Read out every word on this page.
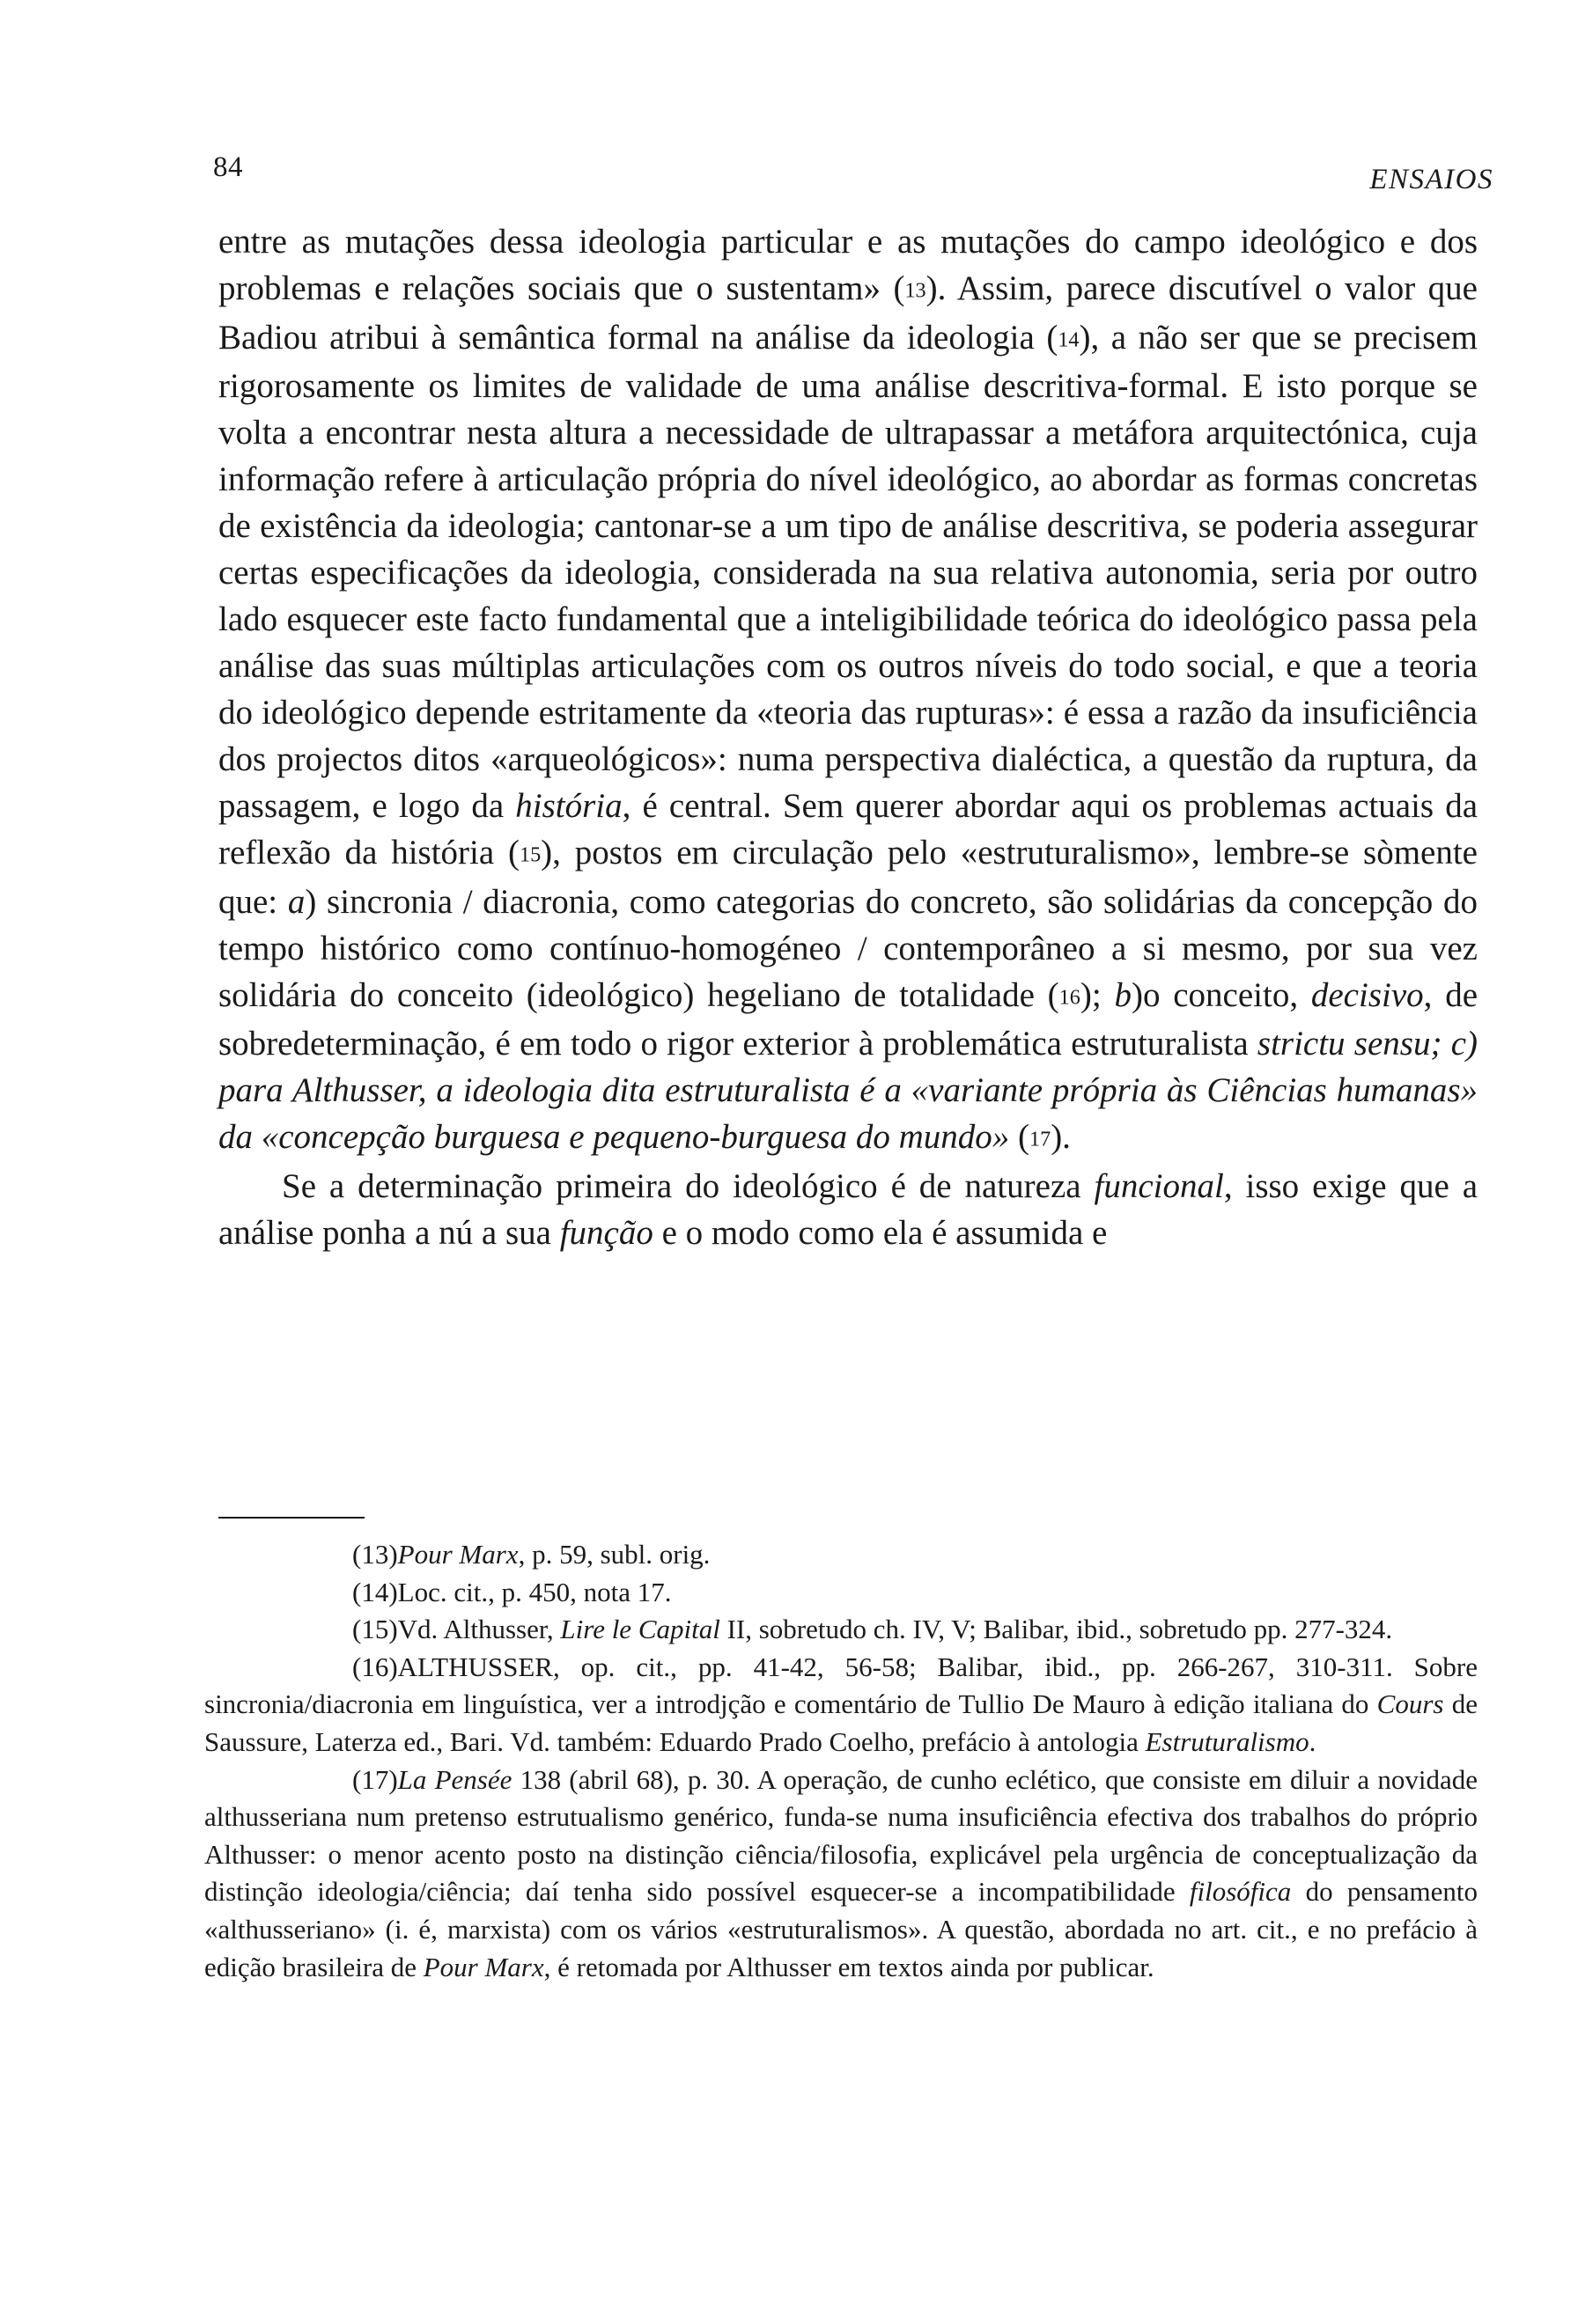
84	ENSAIOS

entre as mutações dessa ideologia particular e as mutações do campo ideológico e dos problemas e relações sociais que o sustentam» (13). Assim, parece discutível o valor que Badiou atribui à semântica formal na análise da ideologia (14), a não ser que se precisem rigorosamente os limites de validade de uma análise descritiva-formal. E isto porque se volta a encontrar nesta altura a necessidade de ultrapassar a metáfora arquitectónica, cuja informação refere à articulação própria do nível ideológico, ao abordar as formas concretas de existência da ideologia; cantonar-se a um tipo de análise descritiva, se poderia assegurar certas especificações da ideologia, considerada na sua relativa autonomia, seria por outro lado esquecer este facto fundamental que a inteligibilidade teórica do ideológico passa pela análise das suas múltiplas articulações com os outros níveis do todo social, e que a teoria do ideológico depende estritamente da «teoria das rupturas»: é essa a razão da insuficiência dos projectos ditos «arqueológicos»: numa perspectiva dialéctica, a questão da ruptura, da passagem, e logo da história, é central. Sem querer abordar aqui os problemas actuais da reflexão da história (15), postos em circulação pelo «estruturalismo», lembre-se sòmente que: a) sincronia / diacronia, como categorias do concreto, são solidárias da concepção do tempo histórico como contínuo-homogéneo / contemporâneo a si mesmo, por sua vez solidária do conceito (ideológico) hegeliano de totalidade (16); b)o conceito, decisivo, de sobredeterminação, é em todo o rigor exterior à problemática estruturalista strictu sensu; c) para Althusser, a ideologia dita estruturalista é a «variante própria às Ciências humanas» da «concepção burguesa e pequeno-burguesa do mundo» (17).

Se a determinação primeira do ideológico é de natureza funcional, isso exige que a análise ponha a nú a sua função e o modo como ela é assumida e

(13)Pour Marx, p. 59, subl. orig.

(14)Loc. cit., p. 450, nota 17.

(15)Vd. Althusser, Lire le Capital II, sobretudo ch. IV, V; Balibar, ibid., sobretudo pp. 277-324.

(16)ALTHUSSER, op. cit., pp. 41-42, 56-58; Balibar, ibid., pp. 266-267, 310-311. Sobre sincronia/diacronia em linguística, ver a introdjção e comentário de Tullio De Mauro à edição italiana do Cours de Saussure, Laterza ed., Bari. Vd. também: Eduardo Prado Coelho, prefácio à antologia Estruturalismo.

(17)La Pensée 138 (abril 68), p. 30. A operação, de cunho eclético, que consiste em diluir a novidade althusseriana num pretenso estrutualismo genérico, funda-se numa insuficiência efectiva dos trabalhos do próprio Althusser: o menor acento posto na distinção ciência/filosofia, explicável pela urgência de conceptualização da distinção ideologia/ciência; daí tenha sido possível esquecer-se a incompatibilidade filosófica do pensamento «althusseriano» (i. é, marxista) com os vários «estruturalismos». A questão, abordada no art. cit., e no prefácio à edição brasileira de Pour Marx, é retomada por Althusser em textos ainda por publicar.
